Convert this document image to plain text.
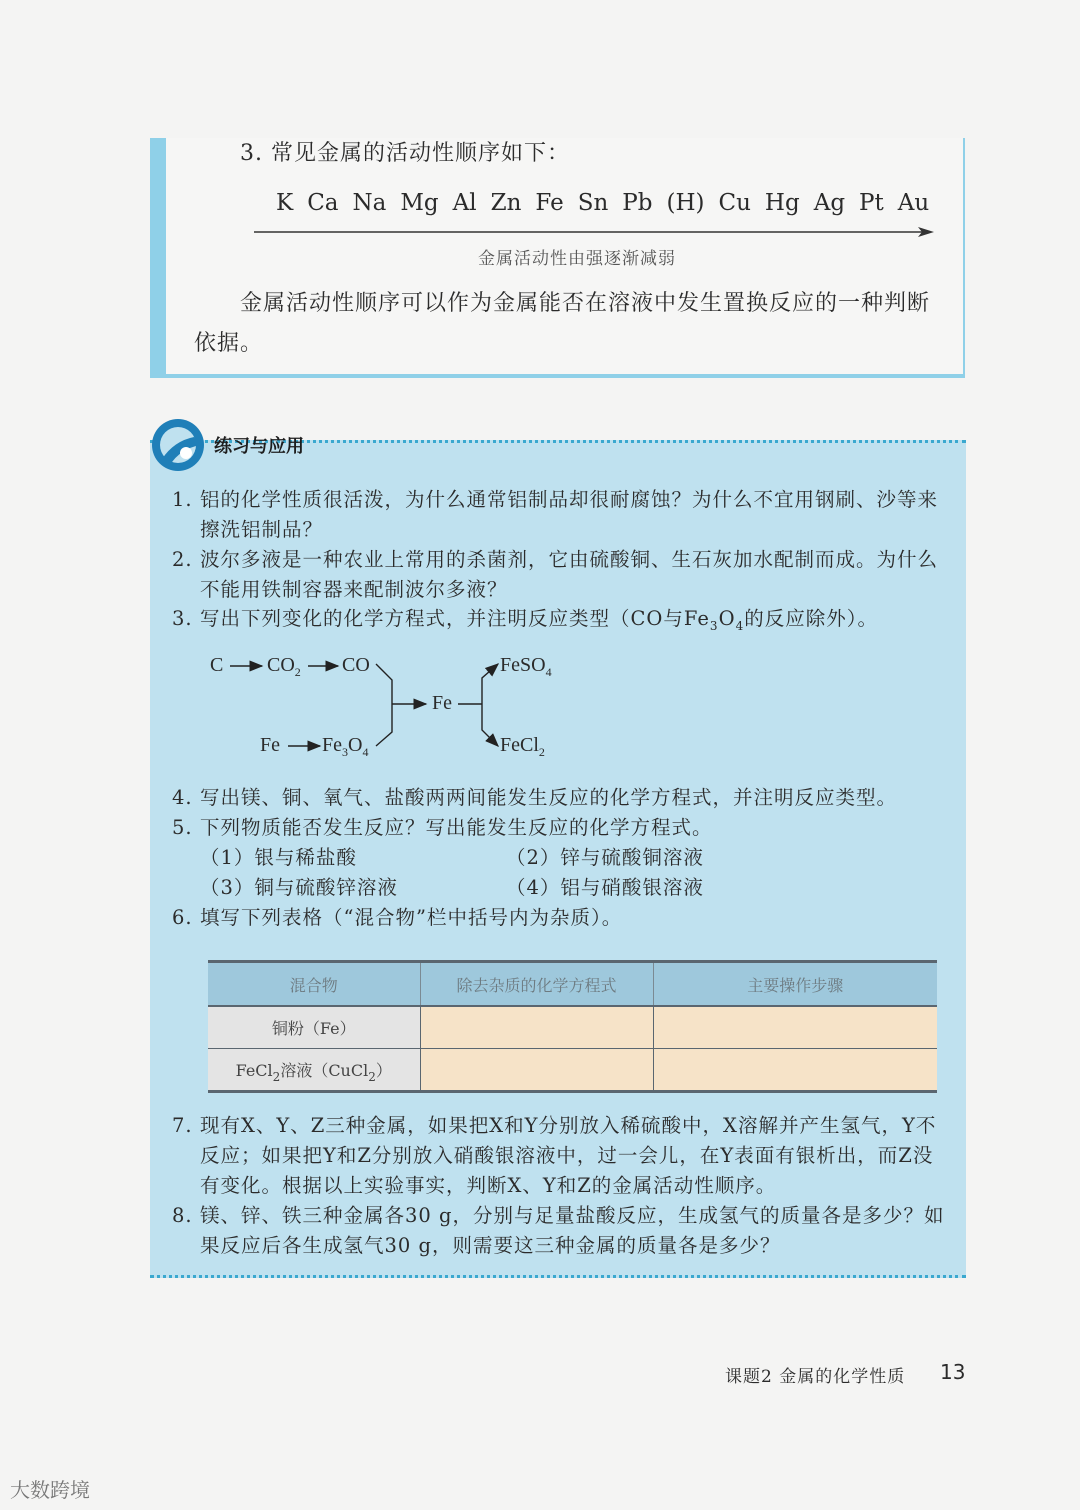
3. 常见金属的活动性顺序如下：
K Ca Na Mg Al Zn Fe Sn Pb (H) Cu Hg Ag Pt Au
金属活动性由强逐渐减弱
金属活动性顺序可以作为金属能否在溶液中发生置换反应的一种判断依据。
练习与应用
1. 铝的化学性质很活泼，为什么通常铝制品却很耐腐蚀？为什么不宜用钢刷、沙等来擦洗铝制品？
2. 波尔多液是一种农业上常用的杀菌剂，它由硫酸铜、生石灰加水配制而成。为什么不能用铁制容器来配制波尔多液？
3. 写出下列变化的化学方程式，并注明反应类型（CO与$Fe_3O_4$的反应除外）。
C $CO_2$ CO
Fe $Fe_3O_4$
Fe
FeSO$_4$
FeCl$_2$
4. 写出镁、铜、氧气、盐酸两两间能发生反应的化学方程式，并注明反应类型。
5. 下列物质能否发生反应？写出能发生反应的化学方程式。
（1）银与稀盐酸	（2）锌与硫酸铜溶液
（3）铜与硫酸锌溶液	（4）铝与硝酸银溶液
6. 填写下列表格（“混合物”栏中括号内为杂质）。
混合物	除去杂质的化学方程式	主要操作步骤
铜粉（Fe）		
FeCl$_2$溶液（CuCl$_2$）		
7. 现有X、Y、Z三种金属，如果把X和Y分别放入稀硫酸中，X溶解并产生氢气，Y不反应；如果把Y和Z分别放入硝酸银溶液中，过一会儿，在Y表面有银析出，而Z没有变化。根据以上实验事实，判断X、Y和Z的金属活动性顺序。
8. 镁、锌、铁三种金属各30 g，分别与足量盐酸反应，生成氢气的质量各是多少？如果反应后各生成氢气30 g，则需要这三种金属的质量各是多少？
课题2 金属的化学性质 13
大数跨境
